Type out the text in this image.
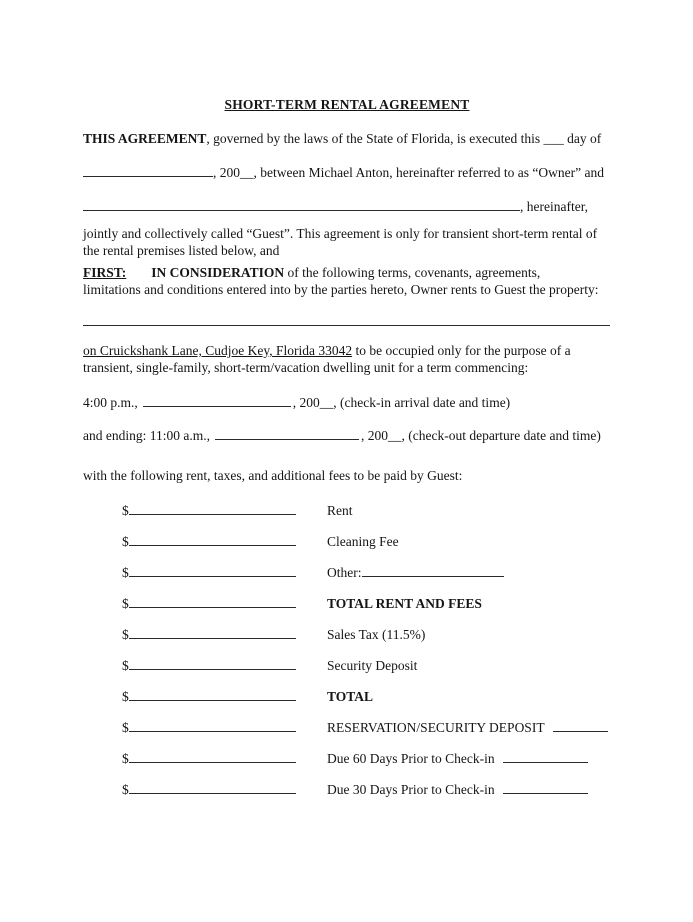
SHORT-TERM RENTAL AGREEMENT
THIS AGREEMENT, governed by the laws of the State of Florida, is executed this ___ day of
, 200__, between Michael Anton, hereinafter referred to as “Owner” and
, hereinafter,
jointly and collectively called “Guest”. This agreement is only for transient short-term rental of
the rental premises listed below, and
FIRST: IN CONSIDERATION of the following terms, covenants, agreements,
limitations and conditions entered into by the parties hereto, Owner rents to Guest the property:
on Cruickshank Lane, Cudjoe Key, Florida 33042 to be occupied only for the purpose of a
transient, single-family, short-term/vacation dwelling unit for a term commencing:
4:00 p.m.,	, 200__, (check-in arrival date and time)
and ending: 11:00 a.m.,	, 200__, (check-out departure date and time)
with the following rent, taxes, and additional fees to be paid by Guest:
$	Rent
$	Cleaning Fee
$	Other:
$	TOTAL RENT AND FEES
$	Sales Tax (11.5%)
$	Security Deposit
$	TOTAL
$	RESERVATION/SECURITY DEPOSIT
$	Due 60 Days Prior to Check-in
$	Due 30 Days Prior to Check-in
